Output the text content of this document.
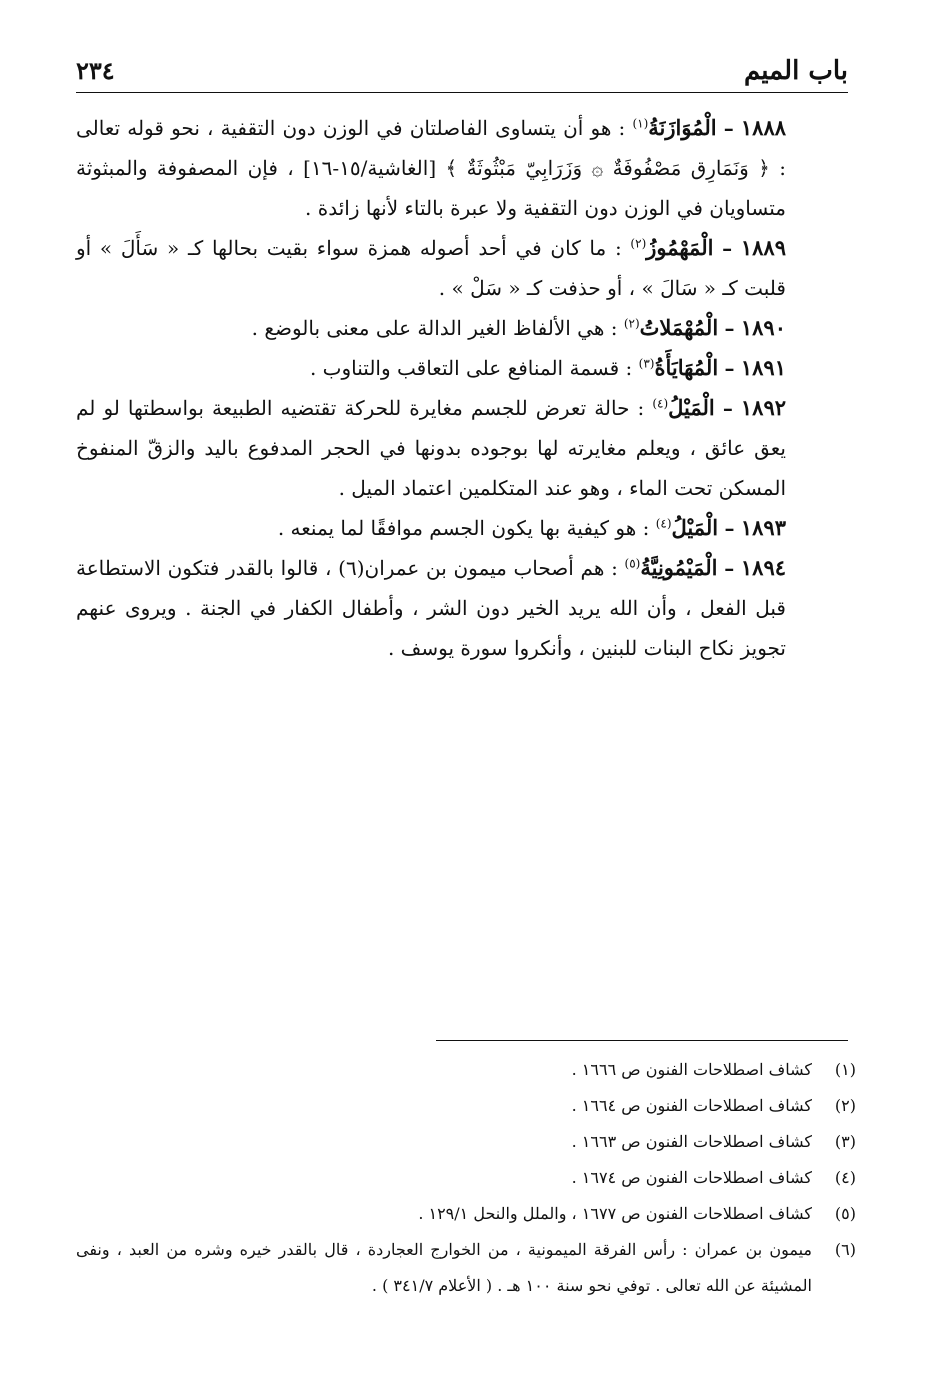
باب الميم
٢٣٤

١٨٨٨ – الْمُوَازَنَةُ$^{(١)}$ : هو أن يتساوى الفاصلتان في الوزن دون التقفية ، نحو قوله تعالى : ﴿ وَنَمَارِق مَصْفُوفَةٌ ۞ وَزَرَابِيّ مَبْثُوثَةٌ ﴾ [الغاشية/١٥-١٦] ، فإن المصفوفة والمبثوثة متساويان في الوزن دون التقفية ولا عبرة بالتاء لأنها زائدة .

١٨٨٩ – الْمَهْمُوزُ$^{(٢)}$ : ما كان في أحد أصوله همزة سواء بقيت بحالها كـ « سَأَلَ » أو قلبت كـ « سَالَ » ، أو حذفت كـ « سَلْ » .

١٨٩٠ – الْمُهْمَلاتُ$^{(٢)}$ : هي الألفاظ الغير الدالة على معنى بالوضع .

١٨٩١ – الْمُهَايَأَةُ$^{(٣)}$ : قسمة المنافع على التعاقب والتناوب .

١٨٩٢ – الْمَيْلُ$^{(٤)}$ : حالة تعرض للجسم مغايرة للحركة تقتضيه الطبيعة بواسطتها لو لم يعق عائق ، ويعلم مغايرته لها بوجوده بدونها في الحجر المدفوع باليد والزقّ المنفوخ المسكن تحت الماء ، وهو عند المتكلمين اعتماد الميل .

١٨٩٣ – الْمَيْلُ$^{(٤)}$ : هو كيفية بها يكون الجسم موافقًا لما يمنعه .

١٨٩٤ – الْمَيْمُونِيَّةُ$^{(٥)}$ : هم أصحاب ميمون بن عمران(٦) ، قالوا بالقدر فتكون الاستطاعة قبل الفعل ، وأن الله يريد الخير دون الشر ، وأطفال الكفار في الجنة . ويروى عنهم تجويز نكاح البنات للبنين ، وأنكروا سورة يوسف .

(١)
كشاف اصطلاحات الفنون ص ١٦٦٦ .
(٢)
كشاف اصطلاحات الفنون ص ١٦٦٤ .
(٣)
كشاف اصطلاحات الفنون ص ١٦٦٣ .
(٤)
كشاف اصطلاحات الفنون ص ١٦٧٤ .
(٥)
كشاف اصطلاحات الفنون ص ١٦٧٧ ، والملل والنحل ١٢٩/١ .
(٦)
ميمون بن عمران : رأس الفرقة الميمونية ، من الخوارج العجاردة ، قال بالقدر خيره وشره من العبد ، ونفى المشيئة عن الله تعالى . توفي نحو سنة ١٠٠ هـ . ( الأعلام ٣٤١/٧ ) .
